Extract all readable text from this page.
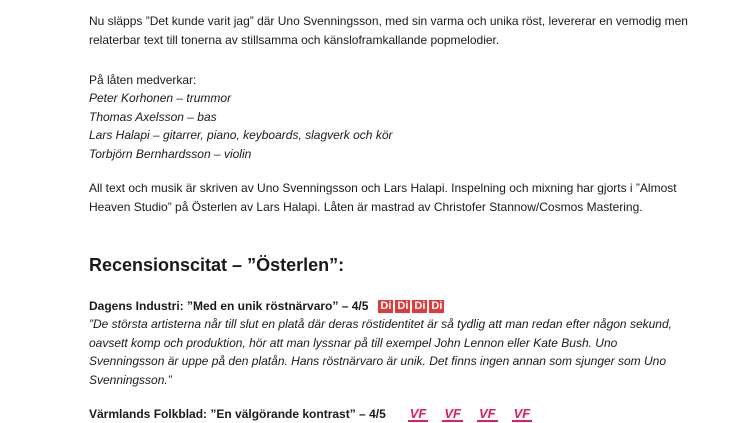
Nu släpps ”Det kunde varit jag” där Uno Svenningsson, med sin varma och unika röst, levererar en vemodig men relaterbar text till tonerna av stillsamma och känsloframkallande popmelodier.

På låten medverkar:

Peter Korhonen – trummor
Thomas Axelsson – bas
Lars Halapi – gitarrer, piano, keyboards, slagverk och kör
Torbjörn Bernhardsson – violin

All text och musik är skriven av Uno Svenningsson och Lars Halapi. Inspelning och mixning har gjorts i ”Almost Heaven Studio” på Österlen av Lars Halapi. Låten är mastrad av Christofer Stannow/Cosmos Mastering.

Recensionscitat – ”Österlen”:
Dagens Industri: ”Med en unik röstnärvaro” – 4/5 Di Di Di Di
”De största artisterna når till slut en platå där deras röstidentitet är så tydlig att man redan efter någon sekund, oavsett komp och produktion, hör att man lyssnar på till exempel John Lennon eller Kate Bush. Uno Svenningsson är uppe på den platån. Hans röstnärvaro är unik. Det finns ingen annan som sjunger som Uno Svenningsson.”
Värmlands Folkblad: ”En välgörande kontrast” – 4/5 VF VF VF VF
